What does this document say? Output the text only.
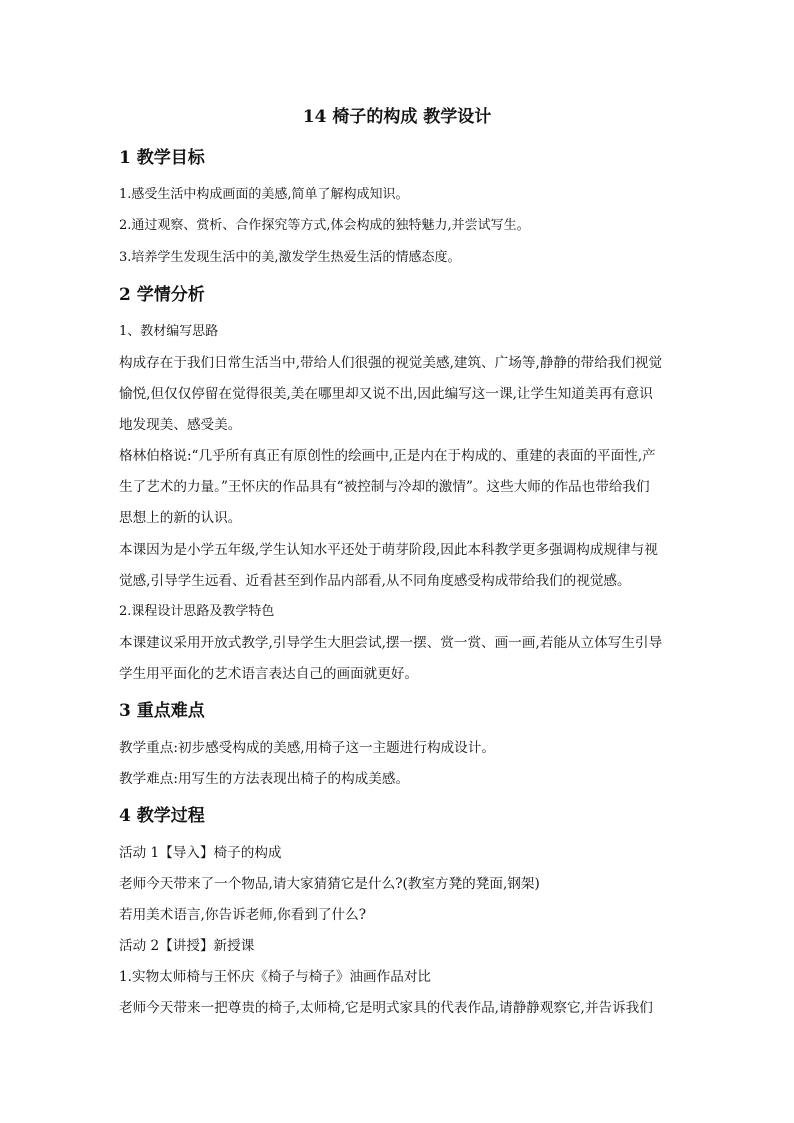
14 椅子的构成 教学设计
1 教学目标
1.感受生活中构成画面的美感,简单了解构成知识。
2.通过观察、赏析、合作探究等方式,体会构成的独特魅力,并尝试写生。
3.培养学生发现生活中的美,激发学生热爱生活的情感态度。
2 学情分析
1、教材编写思路
构成存在于我们日常生活当中,带给人们很强的视觉美感,建筑、广场等,静静的带给我们视觉
愉悦,但仅仅停留在觉得很美,美在哪里却又说不出,因此编写这一课,让学生知道美再有意识
地发现美、感受美。
格林伯格说:“几乎所有真正有原创性的绘画中,正是内在于构成的、重建的表面的平面性,产
生了艺术的力量。”王怀庆的作品具有“被控制与冷却的激情”。这些大师的作品也带给我们
思想上的新的认识。
本课因为是小学五年级,学生认知水平还处于萌芽阶段,因此本科教学更多强调构成规律与视
觉感,引导学生远看、近看甚至到作品内部看,从不同角度感受构成带给我们的视觉感。
2.课程设计思路及教学特色
本课建议采用开放式教学,引导学生大胆尝试,摆一摆、赏一赏、画一画,若能从立体写生引导
学生用平面化的艺术语言表达自己的画面就更好。
3 重点难点
教学重点:初步感受构成的美感,用椅子这一主题进行构成设计。
教学难点:用写生的方法表现出椅子的构成美感。
4 教学过程
活动 1【导入】椅子的构成
老师今天带来了一个物品,请大家猜猜它是什么?(教室方凳的凳面,钢架)
若用美术语言,你告诉老师,你看到了什么?
活动 2【讲授】新授课
1.实物太师椅与王怀庆《椅子与椅子》油画作品对比
老师今天带来一把尊贵的椅子,太师椅,它是明式家具的代表作品,请静静观察它,并告诉我们
